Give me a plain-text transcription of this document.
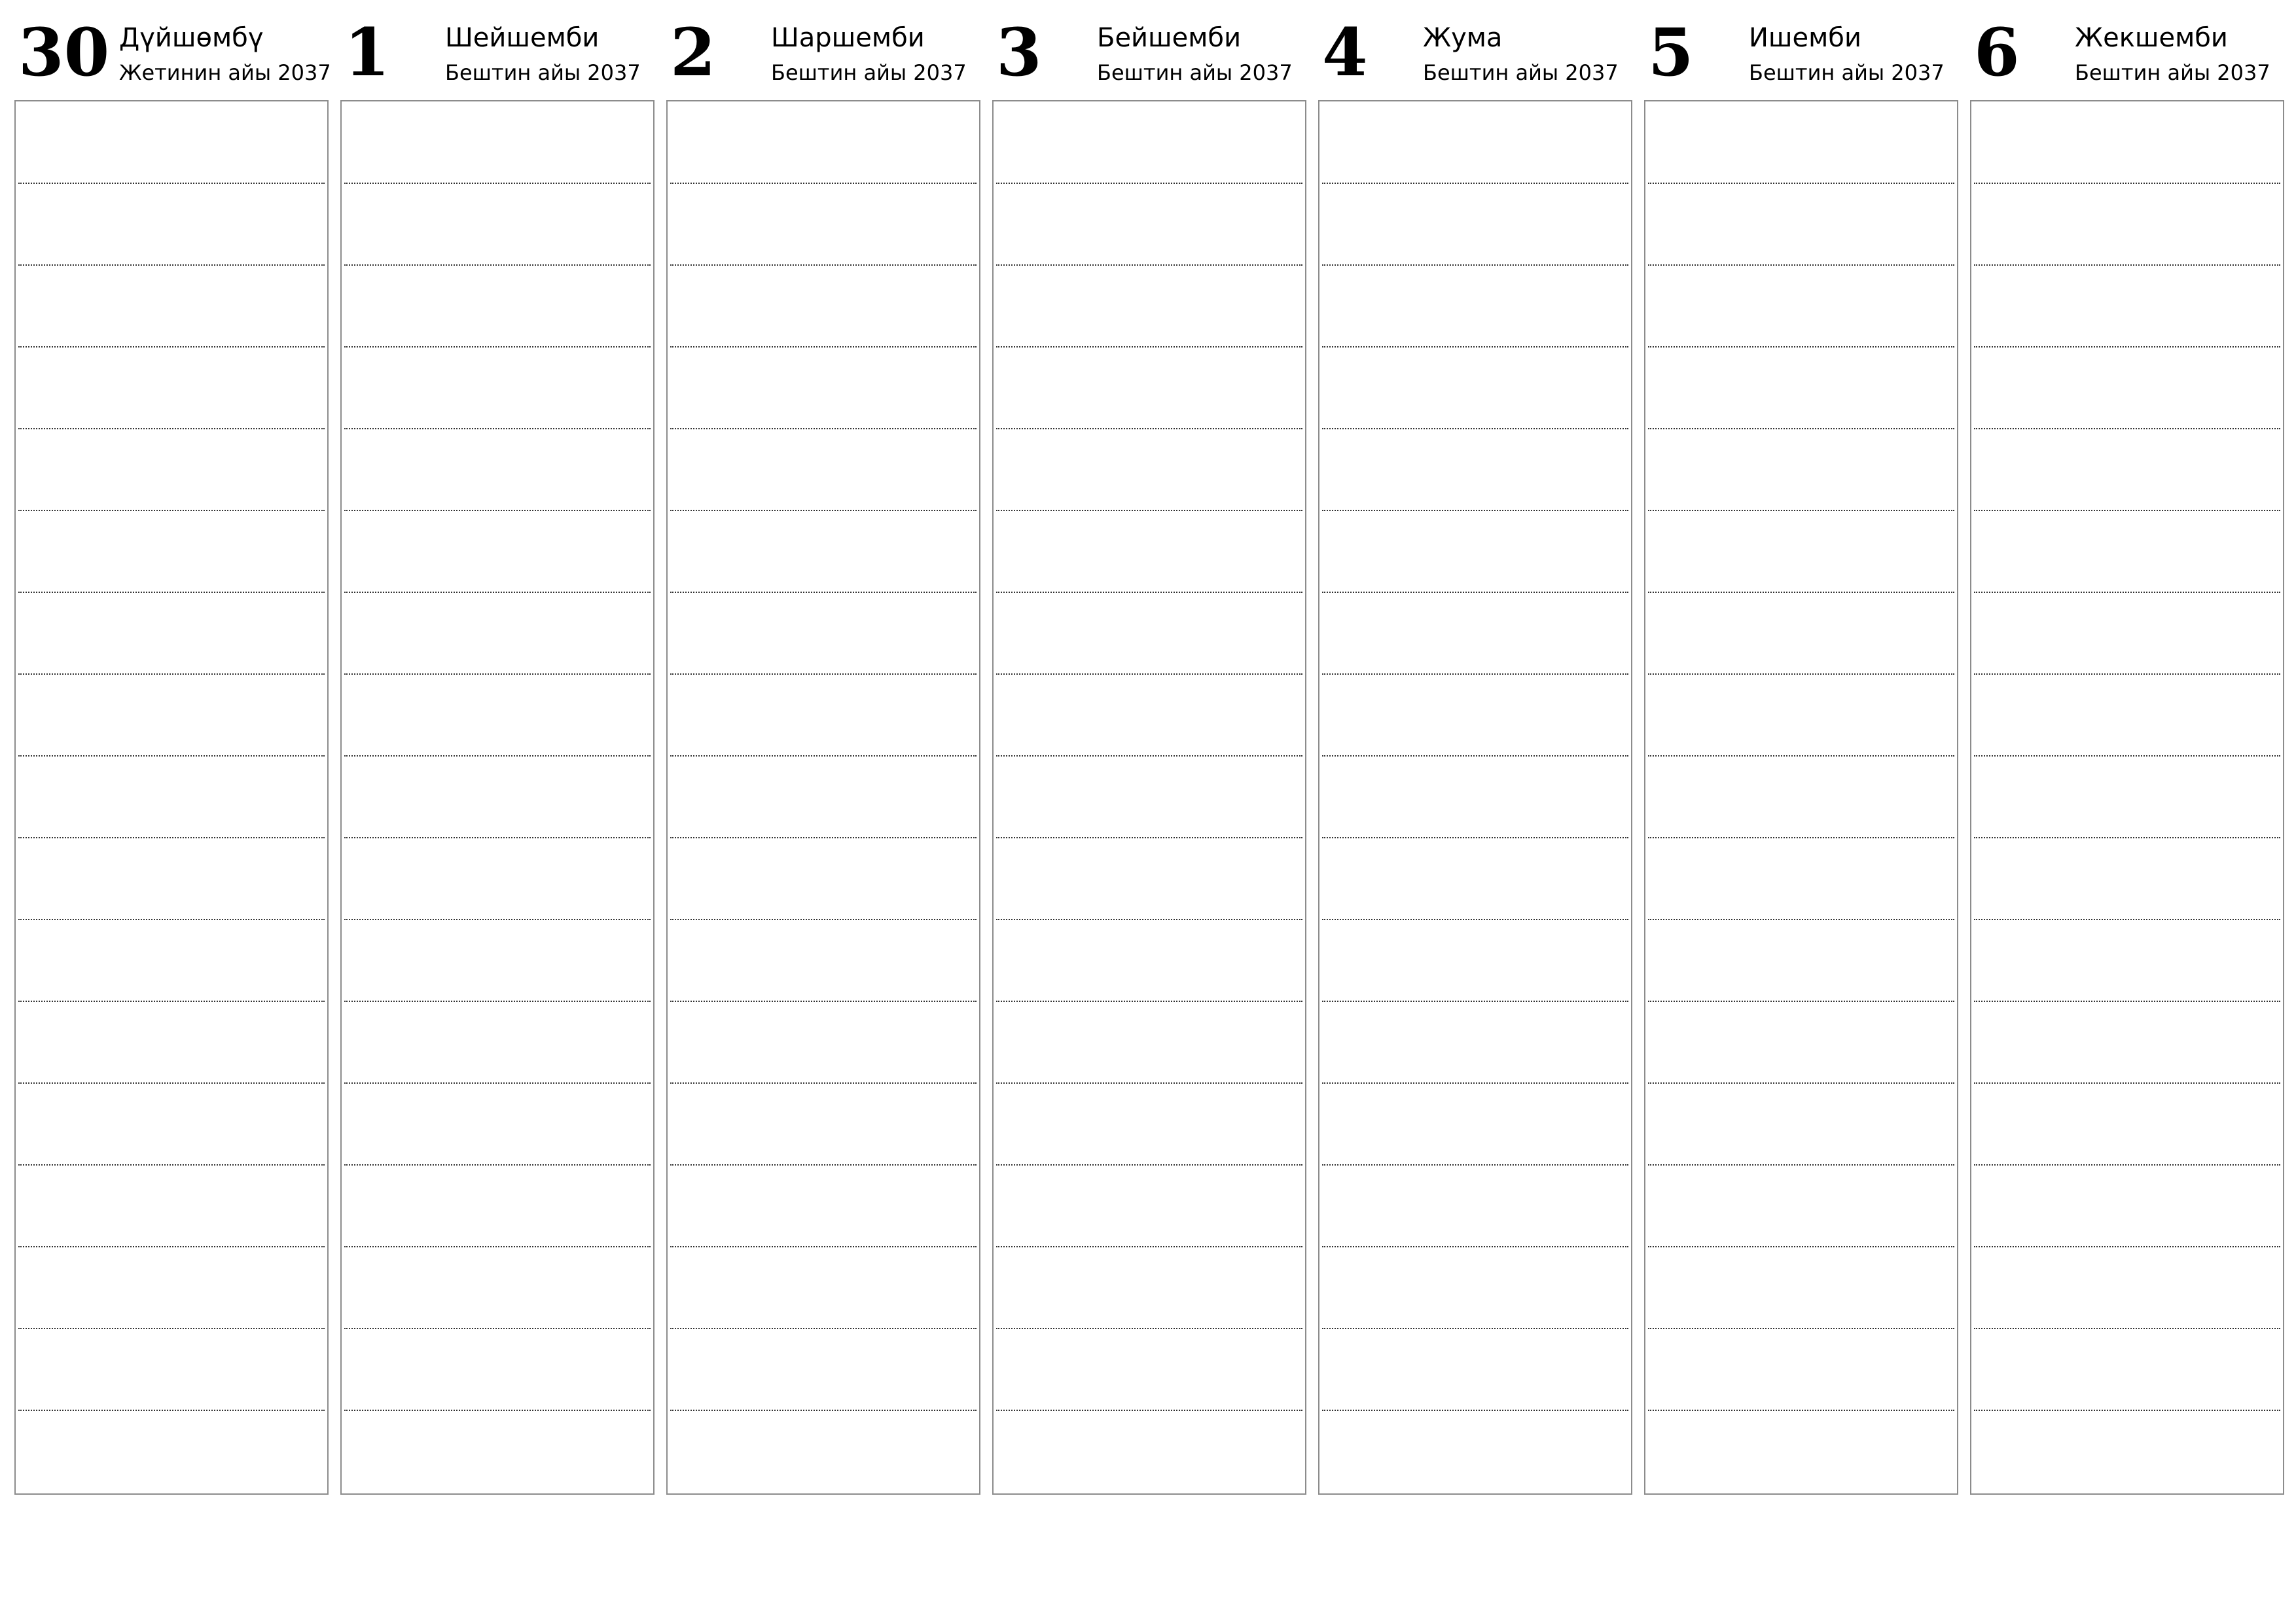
30 Дүйшөмбү
Жетинин айы 2037 1 Шейшемби
Бештин айы 2037 2 Шаршемби
Бештин айы 2037 3 Бейшемби
Бештин айы 2037 4 Жума
Бештин айы 2037 5 Ишемби
Бештин айы 2037 6 Жекшемби
Бештин айы 2037
